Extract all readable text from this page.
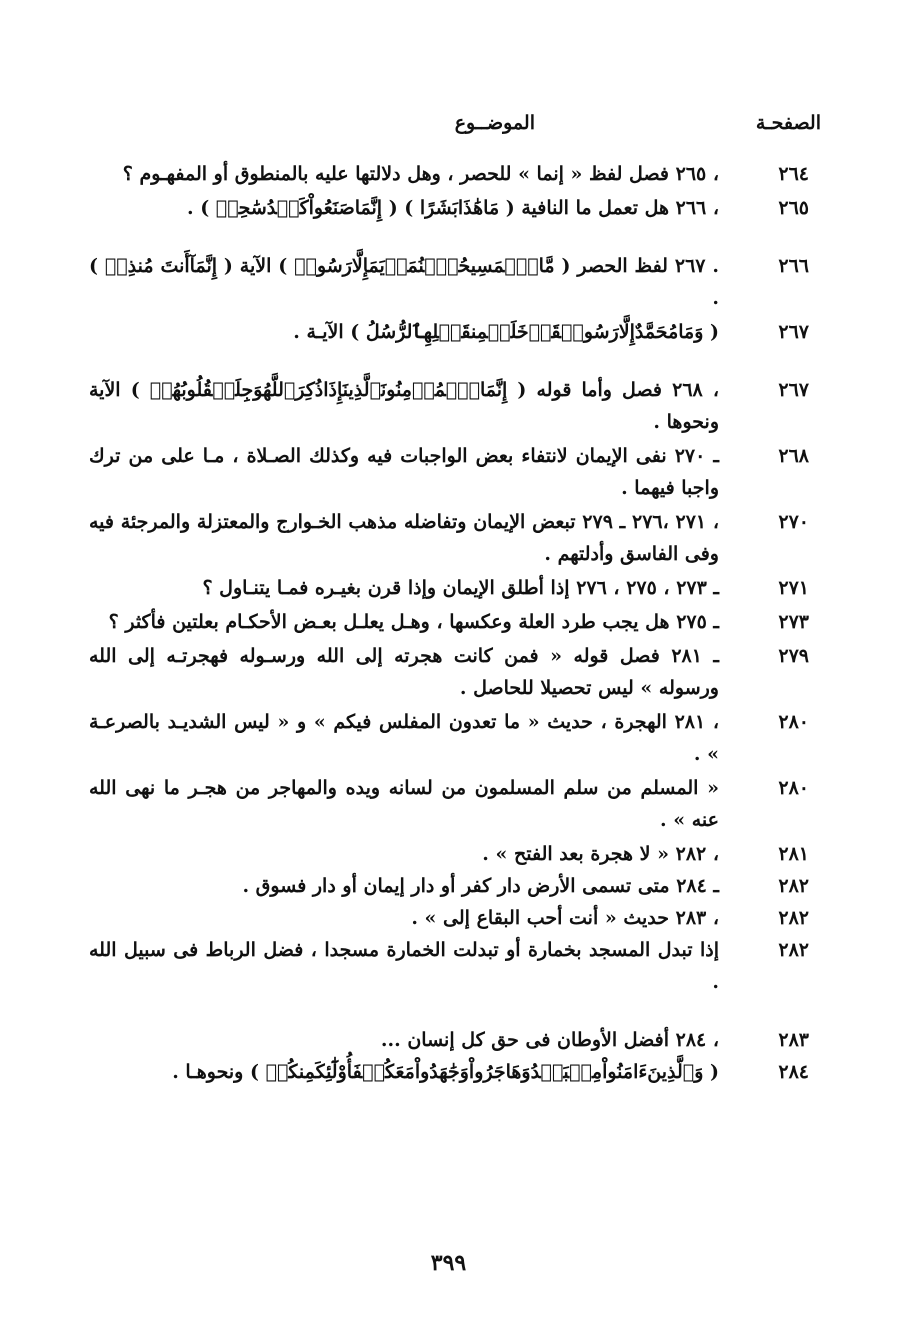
الصفحـة
الموضــوع
٢٦٤
، ٢٦٥ فصل لفظ « إنما » للحصر ، وهل دلالتها عليه بالمنطوق أو المفهـوم ؟
٢٦٥
، ٢٦٦ هل تعمل ما النافية ( مَاهَٰذَابَشَرًا ) ( إِنَّمَاصَنَعُواْكَيۡدُسَٰحِرٖ ) .
٢٦٦
. ٢٦٧ لفظ الحصر ( مَّاٱلۡمَسِيحُٱبۡنُمَرۡيَمَإِلَّارَسُولٞ ) الآية ( إِنَّمَآأَنتَ مُنذِرٞ ) .
٢٦٧
( وَمَامُحَمَّدٌإِلَّارَسُولٞقَدۡخَلَتۡمِنقَبۡلِهِٱلرُّسُلُ ) الآيـة .
٢٦٧
، ٢٦٨ فصل وأما قوله ( إِنَّمَاٱلۡمُؤۡمِنُونَٱلَّذِينَإِذَاذُكِرَٱللَّهُوَجِلَتۡقُلُوبُهُمۡ ) الآية ونحوها .
٢٦٨
ـ ٢٧٠ نفى الإيمان لانتفاء بعض الواجبات فيه وكذلك الصـلاة ، مـا على من ترك واجبا فيهما .
٢٧٠
، ٢٧١ ،٢٧٦ ـ ٢٧٩ تبعض الإيمان وتفاضله مذهب الخـوارج والمعتزلة والمرجئة فيه وفى الفاسق وأدلتهم .
٢٧١
ـ ٢٧٣ ، ٢٧٥ ، ٢٧٦ إذا أطلق الإيمان وإذا قرن بغيـره فمـا يتنـاول ؟
٢٧٣
ـ ٢٧٥ هل يجب طرد العلة وعكسها ، وهـل يعلـل بعـض الأحكـام بعلتين فأكثر ؟
٢٧٩
ـ ٢٨١ فصل قوله « فمن كانت هجرته إلى الله ورسـوله فهجرتـه إلى الله ورسوله » ليس تحصيلا للحاصل .
٢٨٠
، ٢٨١ الهجرة ، حديث « ما تعدون المفلس فيكم » و « ليس الشديـد بالصرعـة » .
٢٨٠
« المسلم من سلم المسلمون من لسانه ويده والمهاجر من هجـر ما نهى الله عنه » .
٢٨١
، ٢٨٢ « لا هجرة بعد الفتح » .
٢٨٢
ـ ٢٨٤ متى تسمى الأرض دار كفر أو دار إيمان أو دار فسوق .
٢٨٢
، ٢٨٣ حديث « أنت أحب البقاع إلى » .
٢٨٢
إذا تبدل المسجد بخمارة أو تبدلت الخمارة مسجدا ، فضل الرباط فى سبيل الله .
٢٨٣
، ٢٨٤ أفضل الأوطان فى حق كل إنسان ...
٢٨٤
( وَٱلَّذِينَءَامَنُواْمِنۢبَعۡدُوَهَاجَرُواْوَجَٰهَدُواْمَعَكُمۡفَأُوْلَٰٓئِكَمِنكُمۡ ) ونحوهـا .
٣٩٩
